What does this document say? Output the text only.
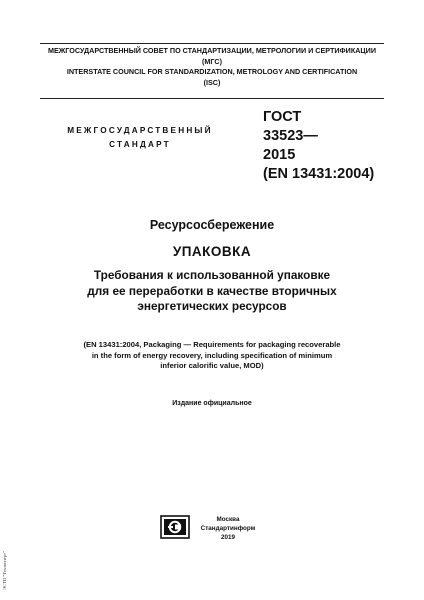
МЕЖГОСУДАРСТВЕННЫЙ СОВЕТ ПО СТАНДАРТИЗАЦИИ, МЕТРОЛОГИИ И СЕРТИФИКАЦИИ
(МГС)
INTERSTATE COUNCIL FOR STANDARDIZATION, METROLOGY AND CERTIFICATION
(ISC)
МЕЖГОСУДАРСТВЕННЫЙ
СТАНДАРТ
ГОСТ
33523—
2015
(EN 13431:2004)
Ресурсосбережение
УПАКОВКА
Требования к использованной упаковке
для ее переработки в качестве вторичных
энергетических ресурсов
(EN 13431:2004, Packaging — Requirements for packaging recoverable
in the form of energy recovery, including specification of minimum
inferior calorific value, MOD)
Издание официальное
Москва
Стандартинформ
2019
ЭСТП "Техэксперт"
